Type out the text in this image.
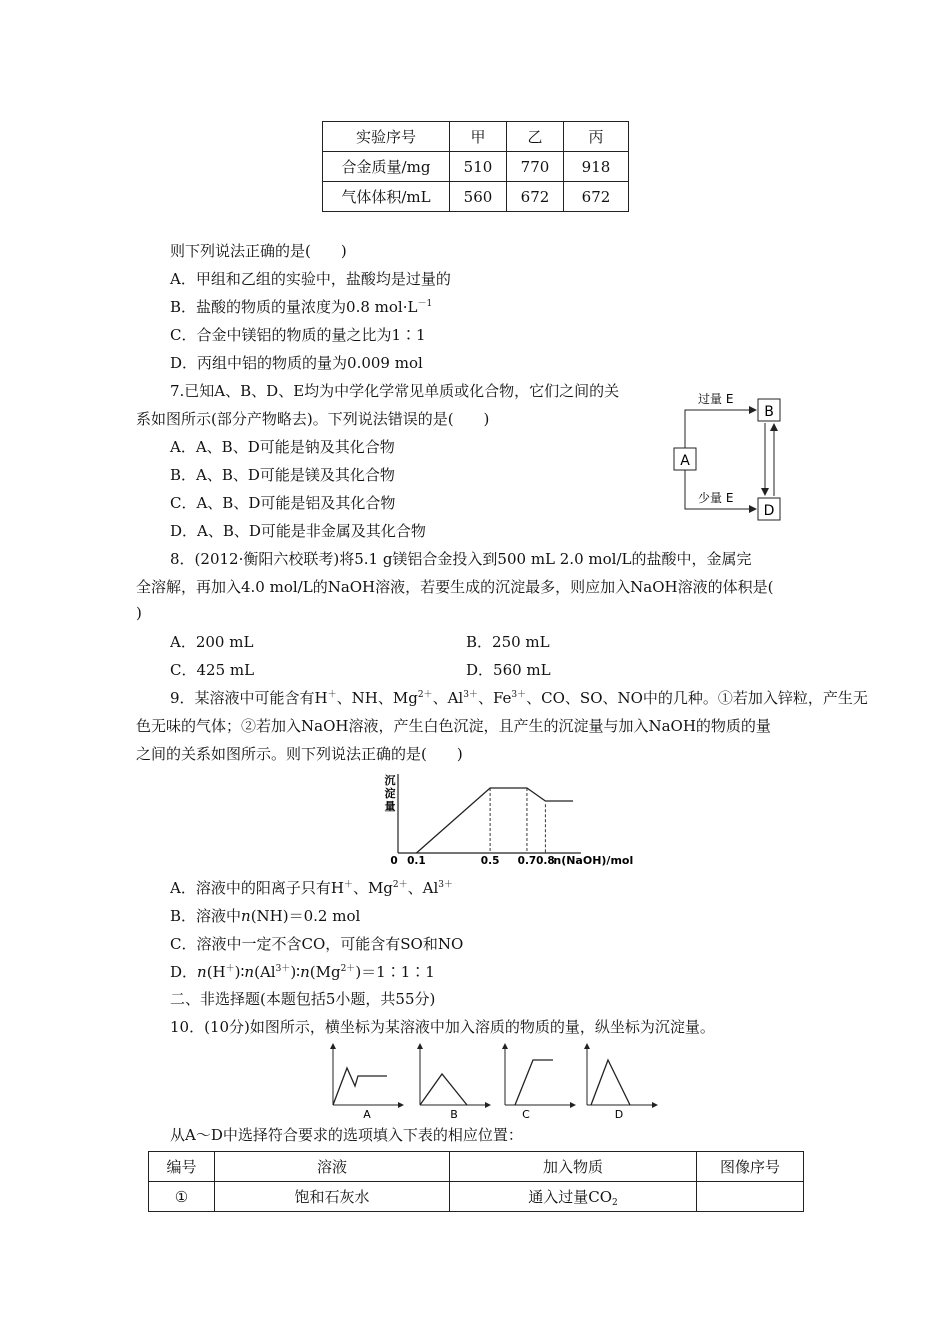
实验序号	甲	乙	丙
合金质量/mg	510	770	918
气体体积/mL	560	672	672
则下列说法正确的是(　　)
A．甲组和乙组的实验中，盐酸均是过量的
B．盐酸的物质的量浓度为0.8 $mol\cdot L^{-1}$
C．合金中镁铝的物质的量之比为1∶1
D．丙组中铝的物质的量为0.009 mol
7.已知A、B、D、E均为中学化学常见单质或化合物，它们之间的关
系如图所示(部分产物略去)。下列说法错误的是(　　)
A．A、B、D可能是钠及其化合物
B．A、B、D可能是镁及其化合物
C．A、B、D可能是铝及其化合物
D．A、B、D可能是非金属及其化合物
A
B
D
过量 E
少量 E
8．(2012·衡阳六校联考)将5.1 g镁铝合金投入到500 mL 2.0 mol/L的盐酸中，金属完
全溶解，再加入4.0 mol/L的NaOH溶液，若要生成的沉淀最多，则应加入NaOH溶液的体积是(
)
A．200 mL	B．250 mL
C．425 mL	D．560 mL
9．某溶液中可能含有H＋、NH、$Mg^{2+}$、$Al^{3+}$、$Fe^{3+}$、CO、SO、NO中的几种。①若加入锌粒，产生无
色无味的气体；②若加入NaOH溶液，产生白色沉淀，且产生的沉淀量与加入NaOH的物质的量
之间的关系如图所示。则下列说法正确的是(　　)
沉
淀
量
0 0.1	0.5 0.7 0.8
n(NaOH)/mol
A．溶液中的阳离子只有H＋、$Mg^{2+}$、$Al^{3+}$
B．溶液中n(NH)＝0.2 mol
C．溶液中一定不含CO，可能含有SO和NO
D．$n(H^+)∶n(Al^{3+})∶n(Mg^{2+})=1∶1∶1$
二、非选择题(本题包括5小题，共55分)
10．(10分)如图所示，横坐标为某溶液中加入溶质的物质的量，纵坐标为沉淀量。
A	B	C	D
从A～D中选择符合要求的选项填入下表的相应位置：
编号	溶液	加入物质	图像序号
①	饱和石灰水	通入过量$CO_2$	
